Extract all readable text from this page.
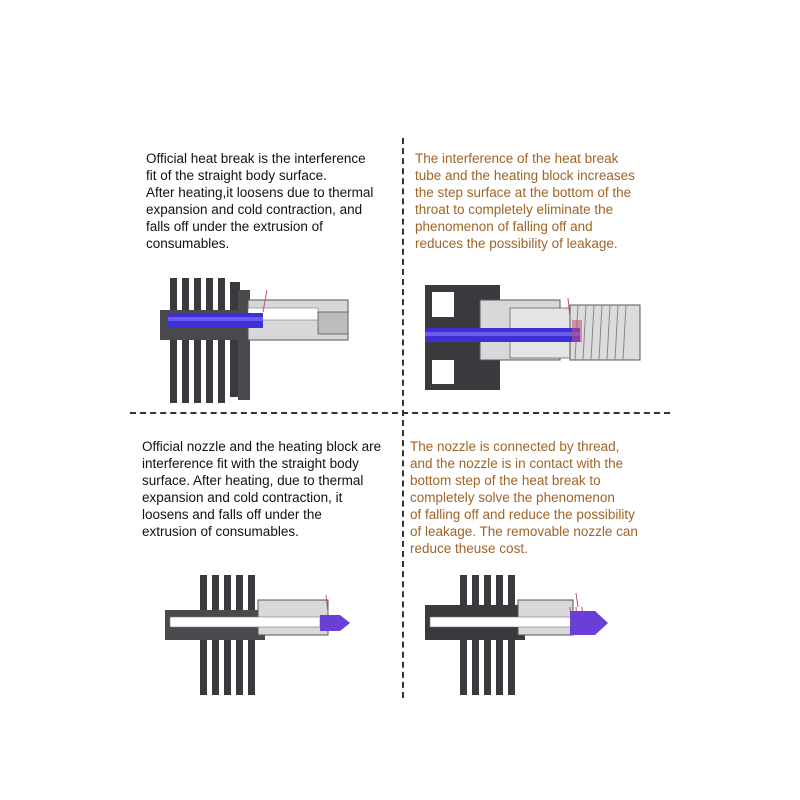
Official heat break is the interference
fit of the straight body surface.
After heating,it loosens due to thermal
expansion and cold contraction, and
falls off under the extrusion of
consumables.

The interference of the heat break
tube and the heating block increases
the step surface at the bottom of the
throat to completely eliminate the
phenomenon of falling off and
reduces the possibility of leakage.

Official nozzle and the heating block are
interference fit with the straight body
surface. After heating, due to thermal
expansion and cold contraction, it
loosens and falls off under the
extrusion of consumables.

The nozzle is connected by thread,
and the nozzle is in contact with the
bottom step of the heat break to
completely solve the phenomenon
of falling off and reduce the possibility
of leakage. The removable nozzle can
reduce theuse cost.
